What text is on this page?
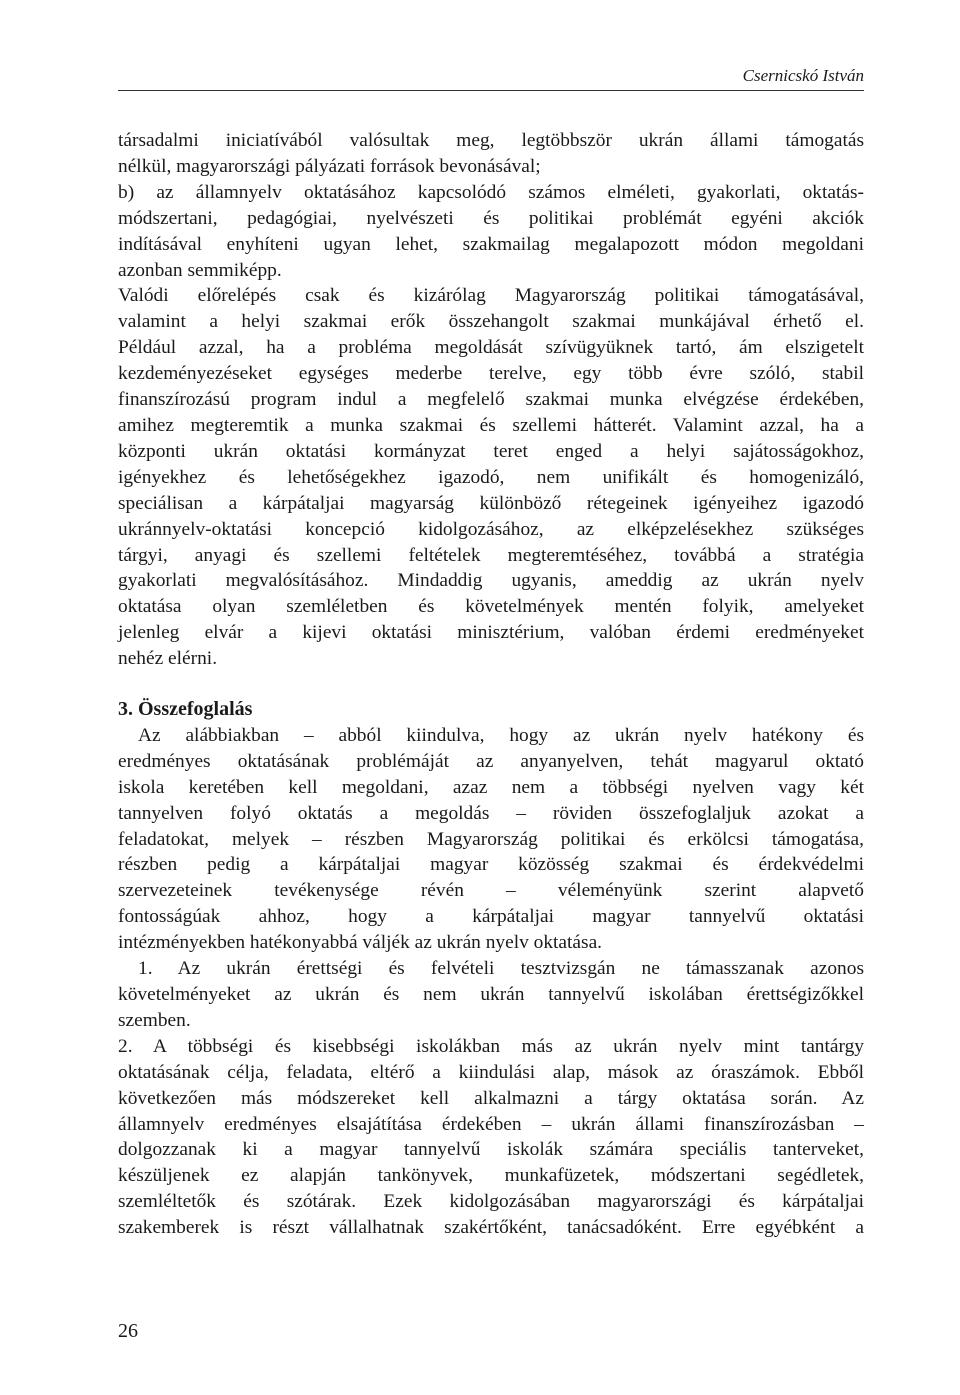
Csernicskó István
társadalmi iniciatívából valósultak meg, legtöbbször ukrán állami támogatás
nélkül, magyarországi pályázati források bevonásával;
b) az államnyelv oktatásához kapcsolódó számos elméleti, gyakorlati, oktatás-
módszertani, pedagógiai, nyelvészeti és politikai problémát egyéni akciók
indításával enyhíteni ugyan lehet, szakmailag megalapozott módon megoldani
azonban semmiképp.
Valódi előrelépés csak és kizárólag Magyarország politikai támogatásával,
valamint a helyi szakmai erők összehangolt szakmai munkájával érhető el.
Például azzal, ha a probléma megoldását szívügyüknek tartó, ám elszigetelt
kezdeményezéseket egységes mederbe terelve, egy több évre szóló, stabil
finanszírozású program indul a megfelelő szakmai munka elvégzése érdekében,
amihez megteremtik a munka szakmai és szellemi hátterét. Valamint azzal, ha a
központi ukrán oktatási kormányzat teret enged a helyi sajátosságokhoz,
igényekhez és lehetőségekhez igazodó, nem unifikált és homogenizáló,
speciálisan a kárpátaljai magyarság különböző rétegeinek igényeihez igazodó
ukránnyelv-oktatási koncepció kidolgozásához, az elképzelésekhez szükséges
tárgyi, anyagi és szellemi feltételek megteremtéséhez, továbbá a stratégia
gyakorlati megvalósításához. Mindaddig ugyanis, ameddig az ukrán nyelv
oktatása olyan szemléletben és követelmények mentén folyik, amelyeket
jelenleg elvár a kijevi oktatási minisztérium, valóban érdemi eredményeket
nehéz elérni.
3. Összefoglalás
Az alábbiakban – abból kiindulva, hogy az ukrán nyelv hatékony és
eredményes oktatásának problémáját az anyanyelven, tehát magyarul oktató
iskola keretében kell megoldani, azaz nem a többségi nyelven vagy két
tannyelven folyó oktatás a megoldás – röviden összefoglaljuk azokat a
feladatokat, melyek – részben Magyarország politikai és erkölcsi támogatása,
részben pedig a kárpátaljai magyar közösség szakmai és érdekvédelmi
szervezeteinek tevékenysége révén – véleményünk szerint alapvető
fontosságúak ahhoz, hogy a kárpátaljai magyar tannyelvű oktatási
intézményekben hatékonyabbá váljék az ukrán nyelv oktatása.
1. Az ukrán érettségi és felvételi tesztvizsgán ne támasszanak azonos
követelményeket az ukrán és nem ukrán tannyelvű iskolában érettségizőkkel
szemben.
2. A többségi és kisebbségi iskolákban más az ukrán nyelv mint tantárgy
oktatásának célja, feladata, eltérő a kiindulási alap, mások az óraszámok. Ebből
következően más módszereket kell alkalmazni a tárgy oktatása során. Az
államnyelv eredményes elsajátítása érdekében – ukrán állami finanszírozásban –
dolgozzanak ki a magyar tannyelvű iskolák számára speciális tanterveket,
készüljenek ez alapján tankönyvek, munkafüzetek, módszertani segédletek,
szemléltetők és szótárak. Ezek kidolgozásában magyarországi és kárpátaljai
szakemberek is részt vállalhatnak szakértőként, tanácsadóként. Erre egyébként a
26
